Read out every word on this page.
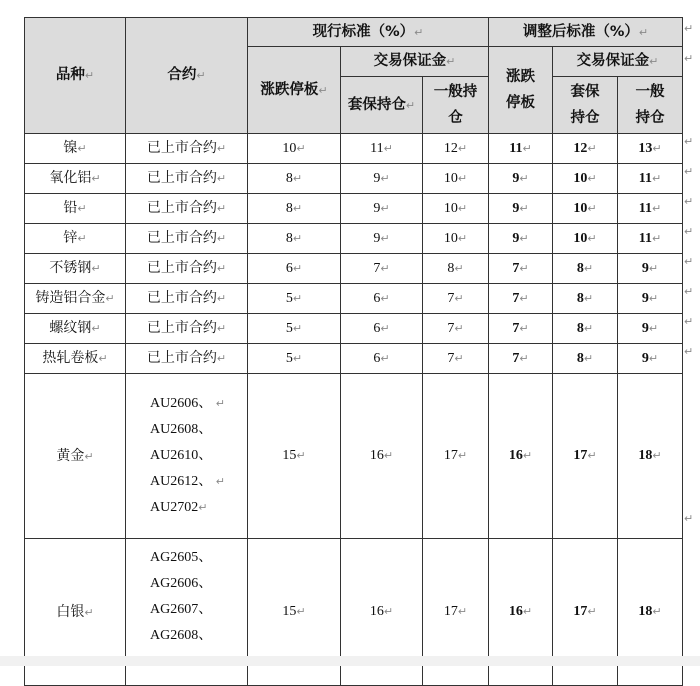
品种↵	合约↵	现行标准（%）↵			调整后标准（%）↵		
		涨跌停板↵	交易保证金↵		涨跌停板	交易保证金↵	
			套保持仓↵	一般持仓		套保持仓	一般持仓

镍↵	已上市合约↵	10↵	11↵	12↵	11↵	12↵	13↵
氧化铝↵	已上市合约↵	8↵	9↵	10↵	9↵	10↵	11↵
铅↵	已上市合约↵	8↵	9↵	10↵	9↵	10↵	11↵
锌↵	已上市合约↵	8↵	9↵	10↵	9↵	10↵	11↵
不锈钢↵	已上市合约↵	6↵	7↵	8↵	7↵	8↵	9↵
铸造铝合金↵	已上市合约↵	5↵	6↵	7↵	7↵	8↵	9↵
螺纹钢↵	已上市合约↵	5↵	6↵	7↵	7↵	8↵	9↵
热轧卷板↵	已上市合约↵	5↵	6↵	7↵	7↵	8↵	9↵
黄金↵	AU2606、 ↵
AU2608、
AU2610、
AU2612、 ↵
AU2702↵	15↵	16↵	17↵	16↵	17↵	18↵
白银↵	AG2605、
AG2606、
AG2607、
AG2608、	15↵	16↵	17↵	16↵	17↵	18↵
↵
↵
↵
↵
↵
↵
↵
↵
↵
↵
↵
